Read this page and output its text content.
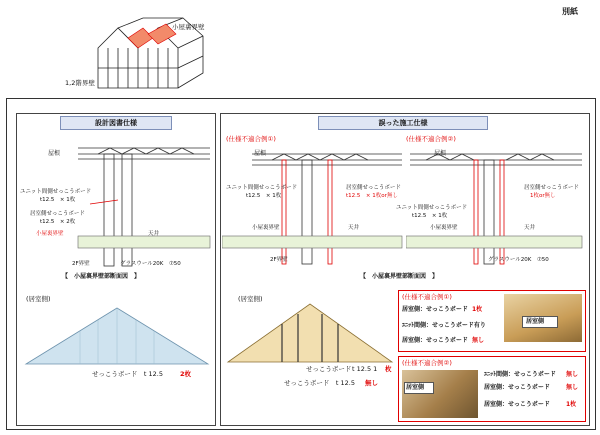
別紙
小屋裏界壁
1,2階界壁
設計図書仕様
屋根
ユニット間側せっこうボード
t12.5　× 1枚
居室側せっこうボード
t12.5　× 2枚
小屋裏界壁	天井
2F界壁	グラスウール20K　⑦50
【　小屋裏界壁部断面図　】
(居室側)
せっこうボード　t 12.5	2枚
誤った施工仕様
(仕様不適合例①)	(仕様不適合例②)
屋根
ユニット間側せっこうボード
t12.5　× 1枚
居室側せっこうボード
t12.5　× 1枚or無し
小屋裏界壁	天井
2F界壁
屋根
ユニット間側せっこうボード
t12.5　× 1枚
居室側せっこうボード
1枚or無し
小屋裏界壁	天井
グラスウール20K　⑦50
【　小屋裏界壁部断面図　】
(居室側)
せっこうボード t 12.5 1 枚
せっこうボード　t 12.5 無し
(仕様不適合例①)
居室側：せっこうボード 1枚
ﾕﾆｯﾄ間側：せっこうボード有り
居室側：せっこうボード 無し
居室側
(仕様不適合例②)
居室側
ﾕﾆｯﾄ間側：せっこうボード 無し
居室側：せっこうボード	無し
居室側：せっこうボード	1枚
